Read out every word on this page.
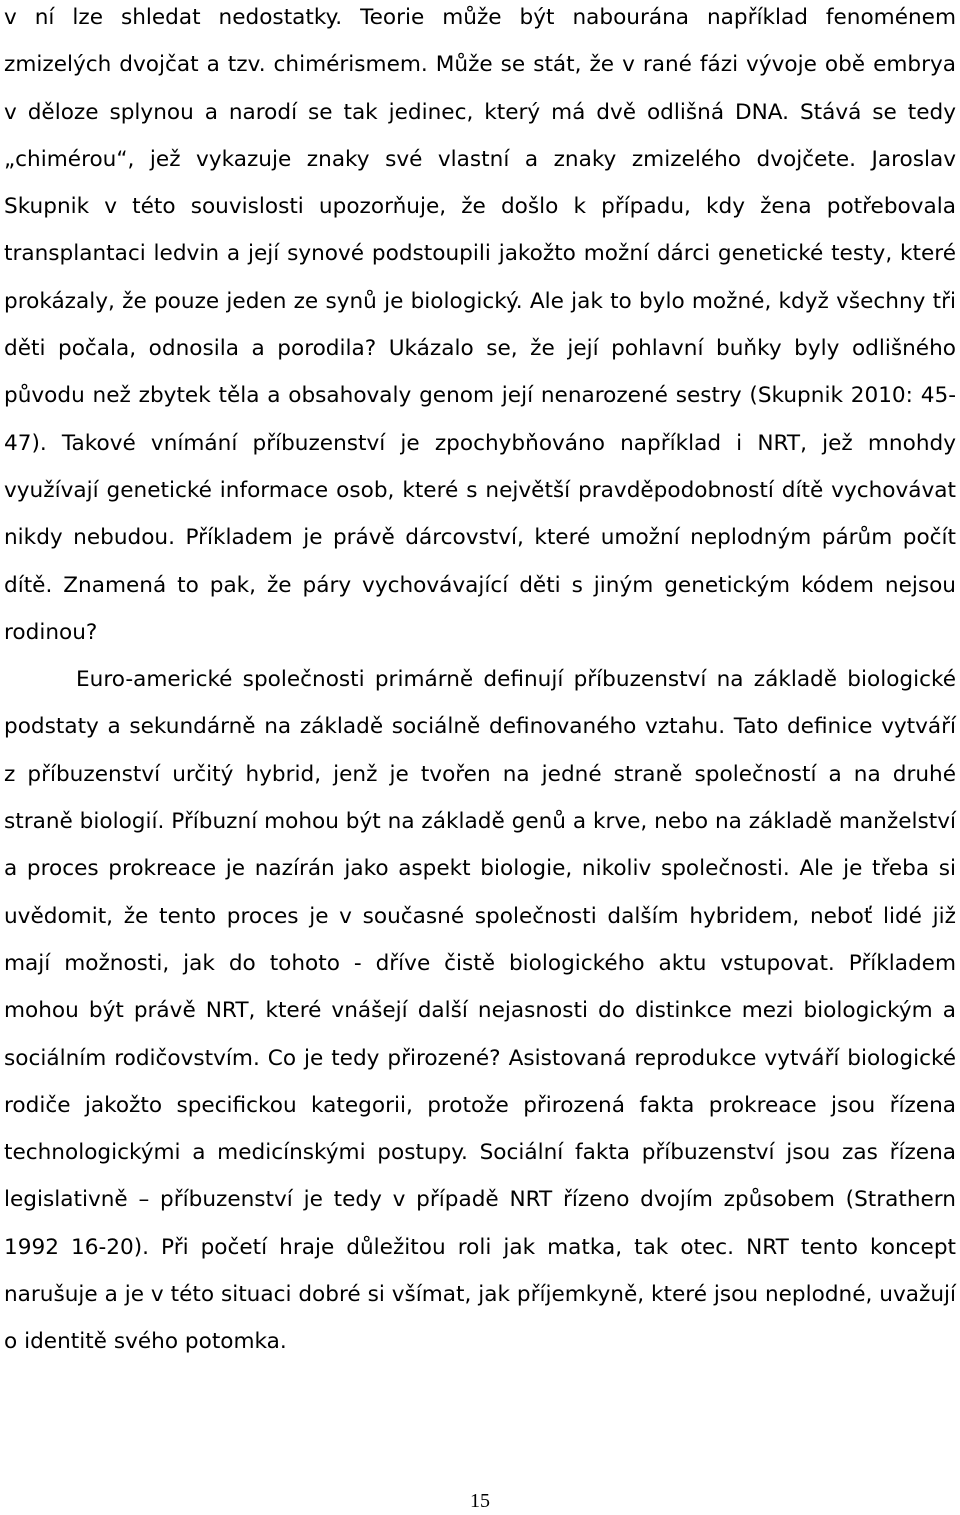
v ní lze shledat nedostatky. Teorie může být nabourána například fenoménem zmizelých dvojčat a tzv. chimérismem. Může se stát, že v rané fázi vývoje obě embrya v děloze splynou a narodí se tak jedinec, který má dvě odlišná DNA. Stává se tedy „chimérou“, jež vykazuje znaky své vlastní a znaky zmizelého dvojčete. Jaroslav Skupnik v této souvislosti upozorňuje, že došlo k případu, kdy žena potřebovala transplantaci ledvin a její synové podstoupili jakožto možní dárci genetické testy, které prokázaly, že pouze jeden ze synů je biologický. Ale jak to bylo možné, když všechny tři děti počala, odnosila a porodila? Ukázalo se, že její pohlavní buňky byly odlišného původu než zbytek těla a obsahovaly genom její nenarozené sestry (Skupnik 2010: 45-47). Takové vnímání příbuzenství je zpochybňováno například i NRT, jež mnohdy využívají genetické informace osob, které s největší pravděpodobností dítě vychovávat nikdy nebudou. Příkladem je právě dárcovství, které umožní neplodným párům počít dítě. Znamená to pak, že páry vychovávající děti s jiným genetickým kódem nejsou rodinou?

Euro-americké společnosti primárně definují příbuzenství na základě biologické podstaty a sekundárně na základě sociálně definovaného vztahu. Tato definice vytváří z příbuzenství určitý hybrid, jenž je tvořen na jedné straně společností a na druhé straně biologií. Příbuzní mohou být na základě genů a krve, nebo na základě manželství a proces prokreace je nazírán jako aspekt biologie, nikoliv společnosti. Ale je třeba si uvědomit, že tento proces je v současné společnosti dalším hybridem, neboť lidé již mají možnosti, jak do tohoto - dříve čistě biologického aktu vstupovat. Příkladem mohou být právě NRT, které vnášejí další nejasnosti do distinkce mezi biologickým a sociálním rodičovstvím. Co je tedy přirozené? Asistovaná reprodukce vytváří biologické rodiče jakožto specifickou kategorii, protože přirozená fakta prokreace jsou řízena technologickými a medicínskými postupy. Sociální fakta příbuzenství jsou zas řízena legislativně – příbuzenství je tedy v případě NRT řízeno dvojím způsobem (Strathern 1992 16-20). Při početí hraje důležitou roli jak matka, tak otec. NRT tento koncept narušuje a je v této situaci dobré si všímat, jak příjemkyně, které jsou neplodné, uvažují o identitě svého potomka.

15
